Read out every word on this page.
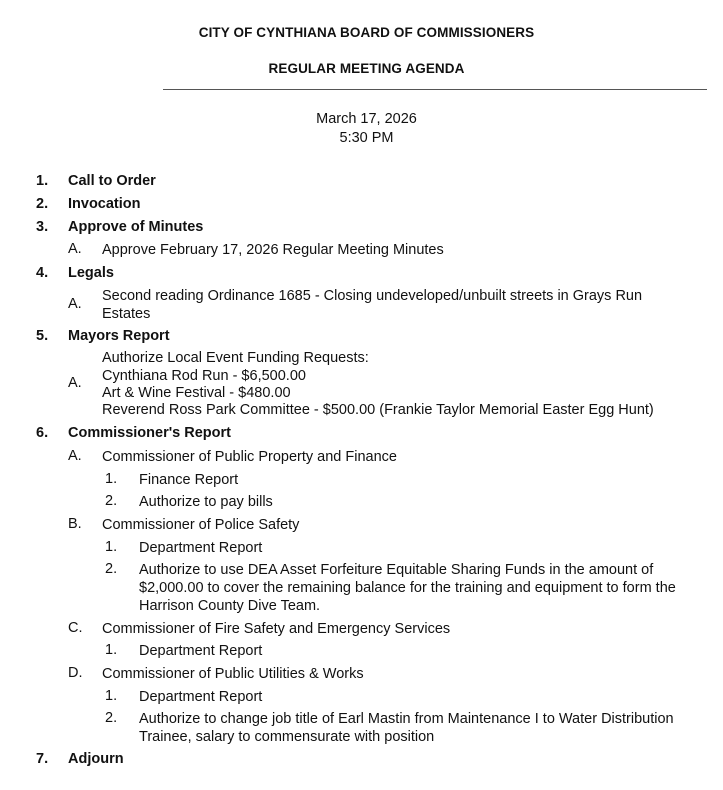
CITY OF CYNTHIANA BOARD OF COMMISSIONERS
REGULAR MEETING AGENDA
March 17, 2026
5:30 PM
1. Call to Order
2. Invocation
3. Approve of Minutes
A. Approve February 17, 2026 Regular Meeting Minutes
4. Legals
A. Second reading Ordinance 1685 - Closing undeveloped/unbuilt streets in Grays Run
Estates
5. Mayors Report
A.
Authorize Local Event Funding Requests:
Cynthiana Rod Run - $6,500.00
Art & Wine Festival - $480.00
Reverend Ross Park Committee - $500.00 (Frankie Taylor Memorial Easter Egg Hunt)
6. Commissioner's Report
A. Commissioner of Public Property and Finance
1. Finance Report
2. Authorize to pay bills
B. Commissioner of Police Safety
1. Department Report
2. Authorize to use DEA Asset Forfeiture Equitable Sharing Funds in the amount of
$2,000.00 to cover the remaining balance for the training and equipment to form the
Harrison County Dive Team.
C. Commissioner of Fire Safety and Emergency Services
1. Department Report
D. Commissioner of Public Utilities & Works
1. Department Report
2. Authorize to change job title of Earl Mastin from Maintenance I to Water Distribution
Trainee, salary to commensurate with position
7. Adjourn
